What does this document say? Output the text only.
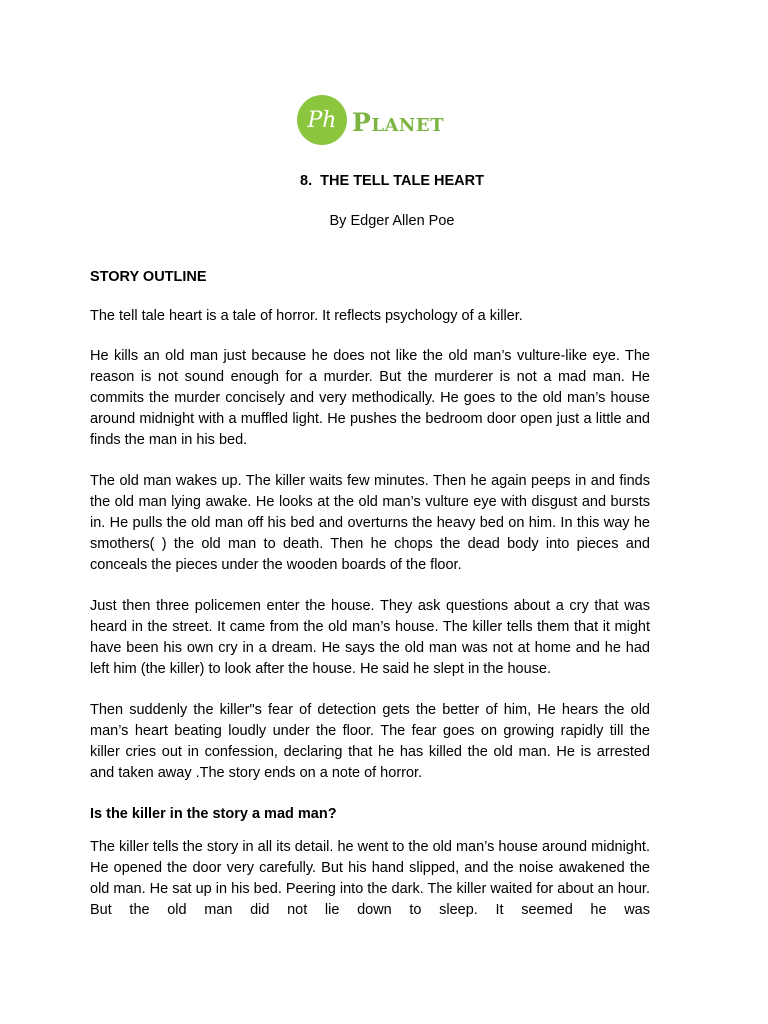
Ph PLANET
8.  THE TELL TALE HEART
By Edger Allen Poe
STORY OUTLINE
The tell tale heart is a tale of horror. It reflects psychology of a killer.
He kills an old man just because he does not like the old man’s vulture-like eye. The reason is not sound enough for a murder. But the murderer is not a mad man. He commits the murder concisely and very methodically. He goes to the old man’s house around midnight with a muffled light. He pushes the bedroom door open just a little and finds the man in his bed.
The old man wakes up. The killer waits few minutes. Then he again peeps in and finds the old man lying awake. He looks at the old man’s vulture eye with disgust and bursts in. He pulls the old man off his bed and overturns the heavy bed on him. In this way he smothers( ) the old man to death. Then he chops the dead body into pieces and conceals the pieces under the wooden boards of the floor.
Just then three policemen enter the house. They ask questions about a cry that was heard in the street. It came from the old man’s house. The killer tells them that it might have been his own cry in a dream. He says the old man was not at home and he had left him (the killer) to look after the house. He said he slept in the house.
Then suddenly the killer"s fear of detection gets the better of him, He hears the old man’s heart beating loudly under the floor. The fear goes on growing rapidly till the killer cries out in confession, declaring that he has killed the old man. He is arrested and taken away .The story ends on a note of horror.
Is the killer in the story a mad man?
The killer tells the story in all its detail. he went to the old man’s house around midnight. He opened the door very carefully. But his hand slipped, and the noise awakened the old man. He sat up in his bed. Peering into the dark. The killer waited for about an hour. But the old man did not lie down to sleep. It seemed he was
